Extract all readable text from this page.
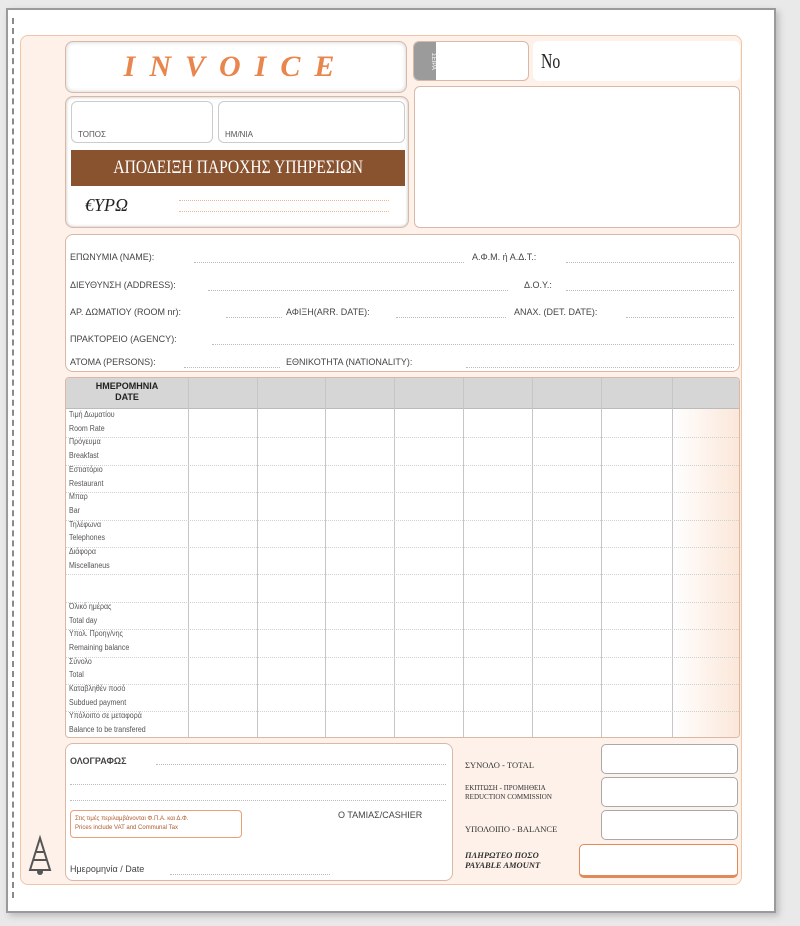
INVOICE	ΣΕΙΡΑ	No
ΤΟΠΟΣ	ΗΜ/ΝΙΑ
ΑΠΟΔΕΙΞΗ ΠΑΡΟΧΗΣ ΥΠΗΡΕΣΙΩΝ
€ΥΡΩ
ΕΠΩΝΥΜΙΑ (NAME):	Α.Φ.Μ. ή Α.Δ.Τ.:
ΔΙΕΥΘΥΝΣΗ (ADDRESS):	Δ.Ο.Υ.:
ΑΡ. ΔΩΜΑΤΙΟΥ (ROOM nr):	ΑΦΙΞΗ(ARR. DATE):	ΑΝΑΧ. (DET. DATE):
ΠΡΑΚΤΟΡΕΙΟ (AGENCY):
ΑΤΟΜΑ (PERSONS):	ΕΘΝΙΚΟΤΗΤΑ (NATIONALITY):
ΗΜΕΡΟΜΗΝΙΑ
DATE
Τιμή Δωματίου
Room Rate
Πρόγευμα
Breakfast
Εστιατόριο
Restaurant
Μπαρ
Bar
Τηλέφωνα
Telephones
Διάφορα
Miscellaneus
Όλικό ημέρας
Total day
Υπολ. Προηγ/νης
Remaining balance
Σύνολο
Total
Καταβληθέν ποσό
Subdued payment
Υπόλοιπο σε μεταφορά
Balance to be transfered
ΟΛΟΓΡΑΦΩΣ
Ο ΤΑΜΙΑΣ/CASHIER
Στις τιμές περιλαμβάνονται Φ.Π.Α. και Δ.Φ.
Prices include VAT and Communal Tax
Ημερομηνία / Date
ΣΥΝΟΛΟ - TOTAL
ΕΚΠΤΩΣΗ - ΠΡΟΜΗΘΕΙΑ
REDUCTION COMMISSION
ΥΠΟΛΟΙΠΟ - BALANCE
ΠΛΗΡΩΤΕΟ ΠΟΣΟ
PAYABLE AMOUNT
